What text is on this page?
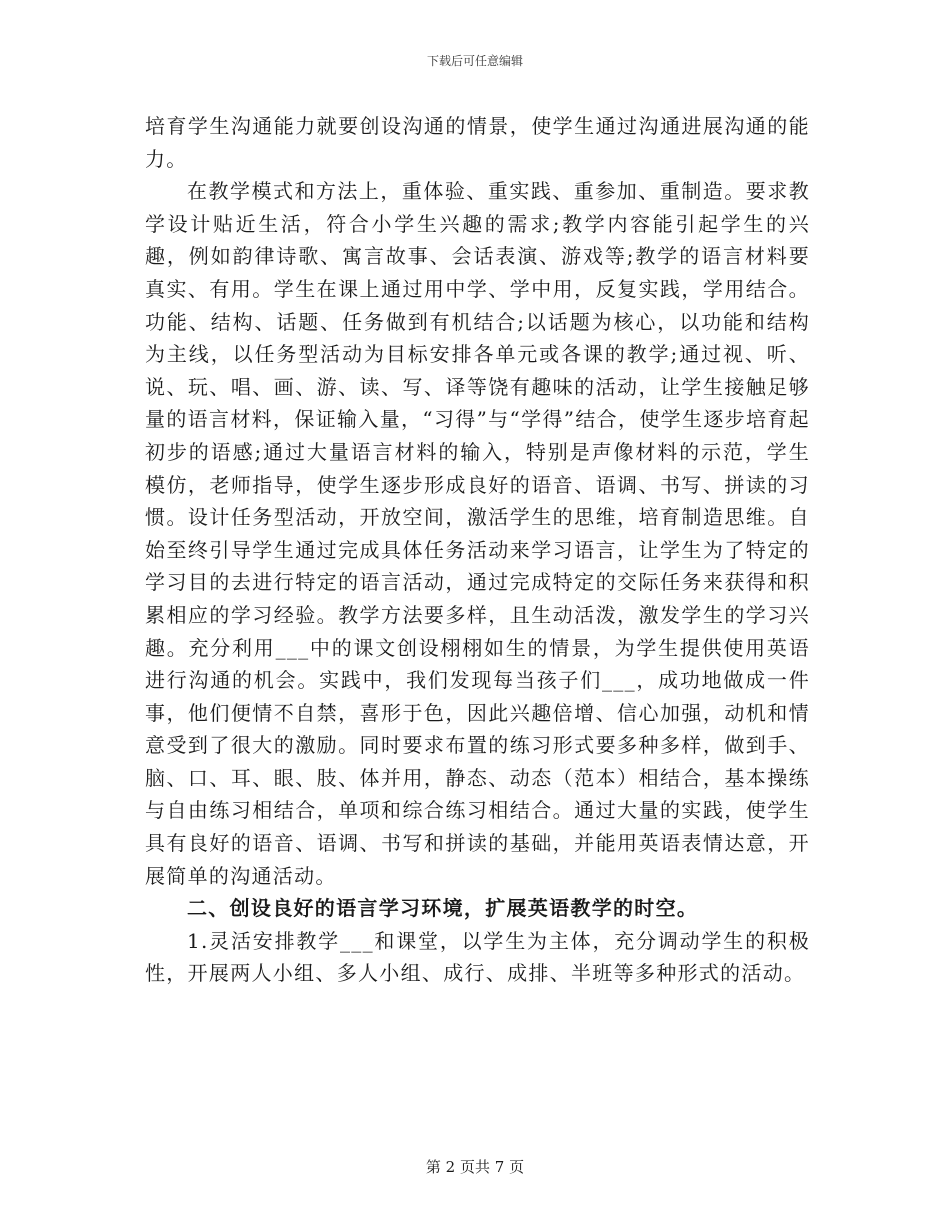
下载后可任意编辑

培育学生沟通能力就要创设沟通的情景，使学生通过沟通进展沟通的能力。

在教学模式和方法上，重体验、重实践、重参加、重制造。要求教学设计贴近生活，符合小学生兴趣的需求;教学内容能引起学生的兴趣，例如韵律诗歌、寓言故事、会话表演、游戏等;教学的语言材料要真实、有用。学生在课上通过用中学、学中用，反复实践，学用结合。功能、结构、话题、任务做到有机结合;以话题为核心，以功能和结构为主线，以任务型活动为目标安排各单元或各课的教学;通过视、听、说、玩、唱、画、游、读、写、译等饶有趣味的活动，让学生接触足够量的语言材料，保证输入量，“习得”与“学得”结合，使学生逐步培育起初步的语感;通过大量语言材料的输入，特别是声像材料的示范，学生模仿，老师指导，使学生逐步形成良好的语音、语调、书写、拼读的习惯。设计任务型活动，开放空间，激活学生的思维，培育制造思维。自始至终引导学生通过完成具体任务活动来学习语言，让学生为了特定的学习目的去进行特定的语言活动，通过完成特定的交际任务来获得和积累相应的学习经验。教学方法要多样，且生动活泼，激发学生的学习兴趣。充分利用___中的课文创设栩栩如生的情景，为学生提供使用英语进行沟通的机会。实践中，我们发现每当孩子们___，成功地做成一件事，他们便情不自禁，喜形于色，因此兴趣倍增、信心加强，动机和情意受到了很大的激励。同时要求布置的练习形式要多种多样，做到手、脑、口、耳、眼、肢、体并用，静态、动态（范本）相结合，基本操练与自由练习相结合，单项和综合练习相结合。通过大量的实践，使学生具有良好的语音、语调、书写和拼读的基础，并能用英语表情达意，开展简单的沟通活动。

二、创设良好的语言学习环境，扩展英语教学的时空。

1.灵活安排教学___和课堂，以学生为主体，充分调动学生的积极性，开展两人小组、多人小组、成行、成排、半班等多种形式的活动。

第 2 页共 7 页
